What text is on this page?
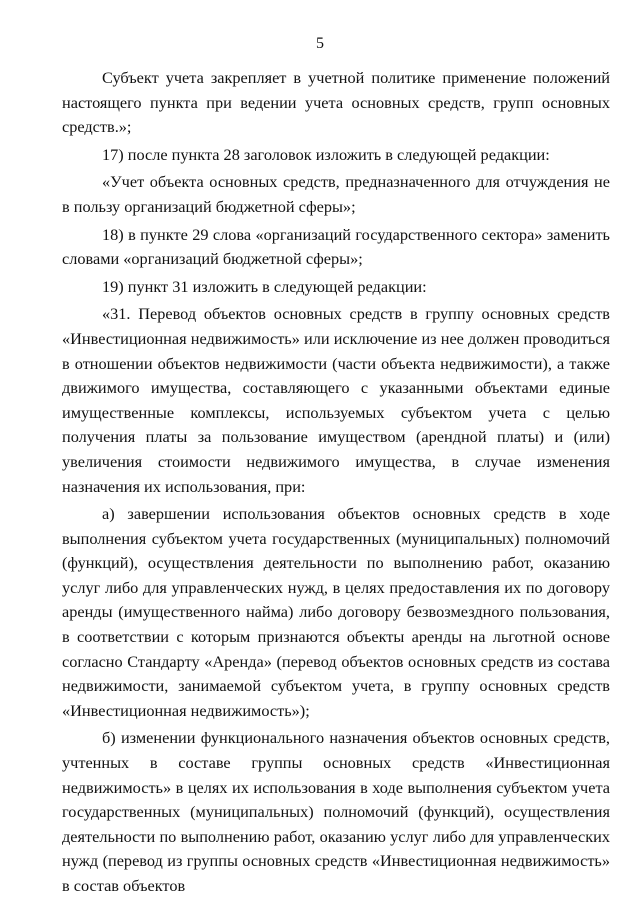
5

Субъект учета закрепляет в учетной политике применение положений настоящего пункта при ведении учета основных средств, групп основных средств.»;

17) после пункта 28 заголовок изложить в следующей редакции:

«Учет объекта основных средств, предназначенного для отчуждения не в пользу организаций бюджетной сферы»;

18) в пункте 29 слова «организаций государственного сектора» заменить словами «организаций бюджетной сферы»;

19) пункт 31 изложить в следующей редакции:

«31. Перевод объектов основных средств в группу основных средств «Инвестиционная недвижимость» или исключение из нее должен проводиться в отношении объектов недвижимости (части объекта недвижимости), а также движимого имущества, составляющего с указанными объектами единые имущественные комплексы, используемых субъектом учета с целью получения платы за пользование имуществом (арендной платы) и (или) увеличения стоимости недвижимого имущества, в случае изменения назначения их использования, при:

а) завершении использования объектов основных средств в ходе выполнения субъектом учета государственных (муниципальных) полномочий (функций), осуществления деятельности по выполнению работ, оказанию услуг либо для управленческих нужд, в целях предоставления их по договору аренды (имущественного найма) либо договору безвозмездного пользования, в соответствии с которым признаются объекты аренды на льготной основе согласно Стандарту «Аренда» (перевод объектов основных средств из состава недвижимости, занимаемой субъектом учета, в группу основных средств «Инвестиционная недвижимость»);

б) изменении функционального назначения объектов основных средств, учтенных в составе группы основных средств «Инвестиционная недвижимость» в целях их использования в ходе выполнения субъектом учета государственных (муниципальных) полномочий (функций), осуществления деятельности по выполнению работ, оказанию услуг либо для управленческих нужд (перевод из группы основных средств «Инвестиционная недвижимость» в состав объектов
